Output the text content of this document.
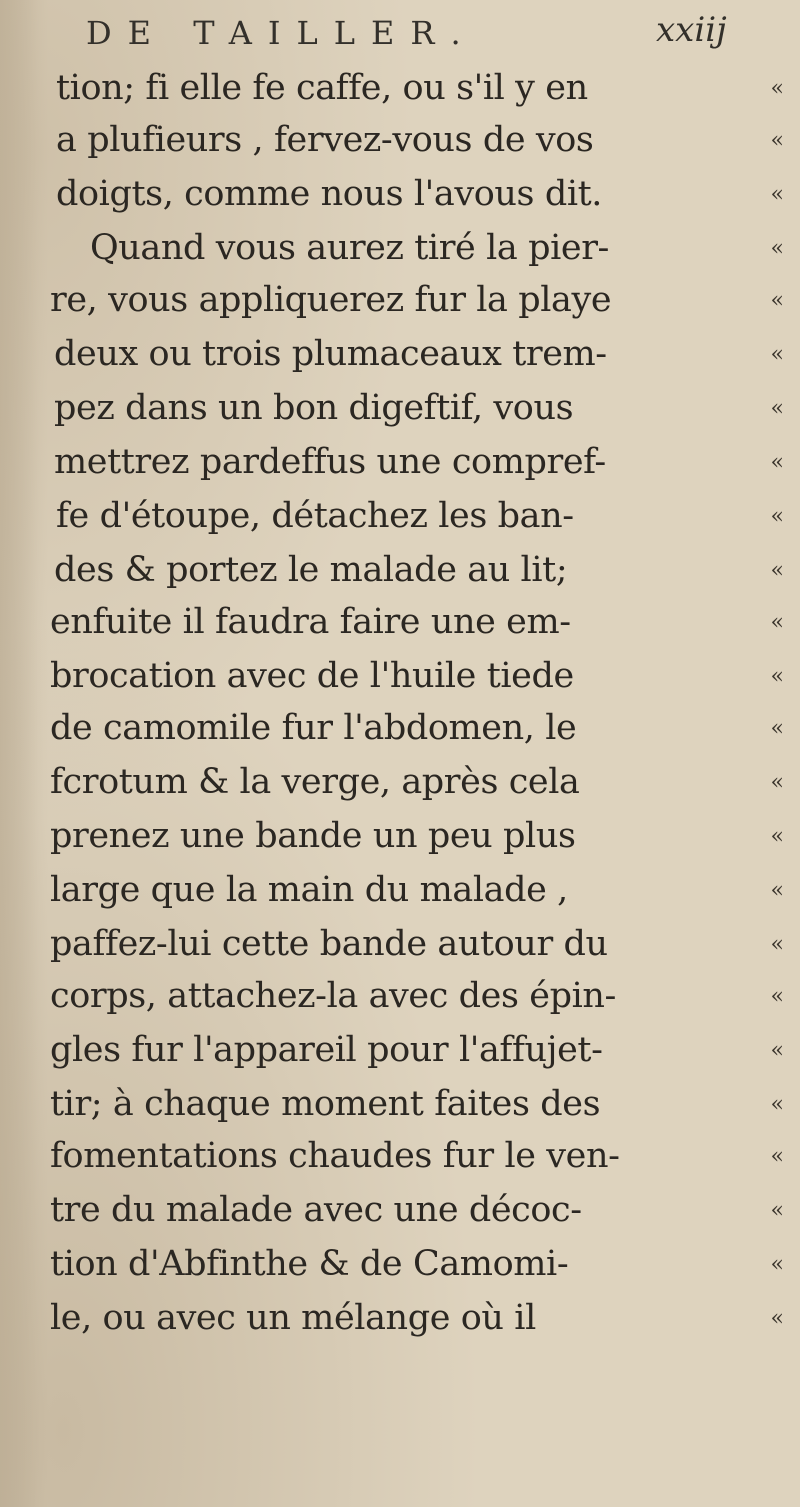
DE TAILLER.	xxiij
tion; fi elle fe caffe, ou s'il y en	«
a plufieurs , fervez-vous de vos	«
doigts, comme nous l'avous dit.	«
Quand vous aurez tiré la pier-	«
re, vous appliquerez fur la playe	«
deux ou trois plumaceaux trem-	«
pez dans un bon digeftif, vous	«
mettrez pardeffus une compref-	«
fe d'étoupe, détachez les ban-	«
des & portez le malade au lit;	«
enfuite il faudra faire une em-	«
brocation avec de l'huile tiede	«
de camomile fur l'abdomen, le	«
fcrotum & la verge, après cela	«
prenez une bande un peu plus	«
large que la main du malade ,	«
paffez-lui cette bande autour du	«
corps, attachez-la avec des épin-	«
gles fur l'appareil pour l'affujet-	«
tir; à chaque moment faites des	«
fomentations chaudes fur le ven-	«
tre du malade avec une décoc-	«
tion d'Abfinthe & de Camomi-	«
le, ou avec un mélange où il	«
